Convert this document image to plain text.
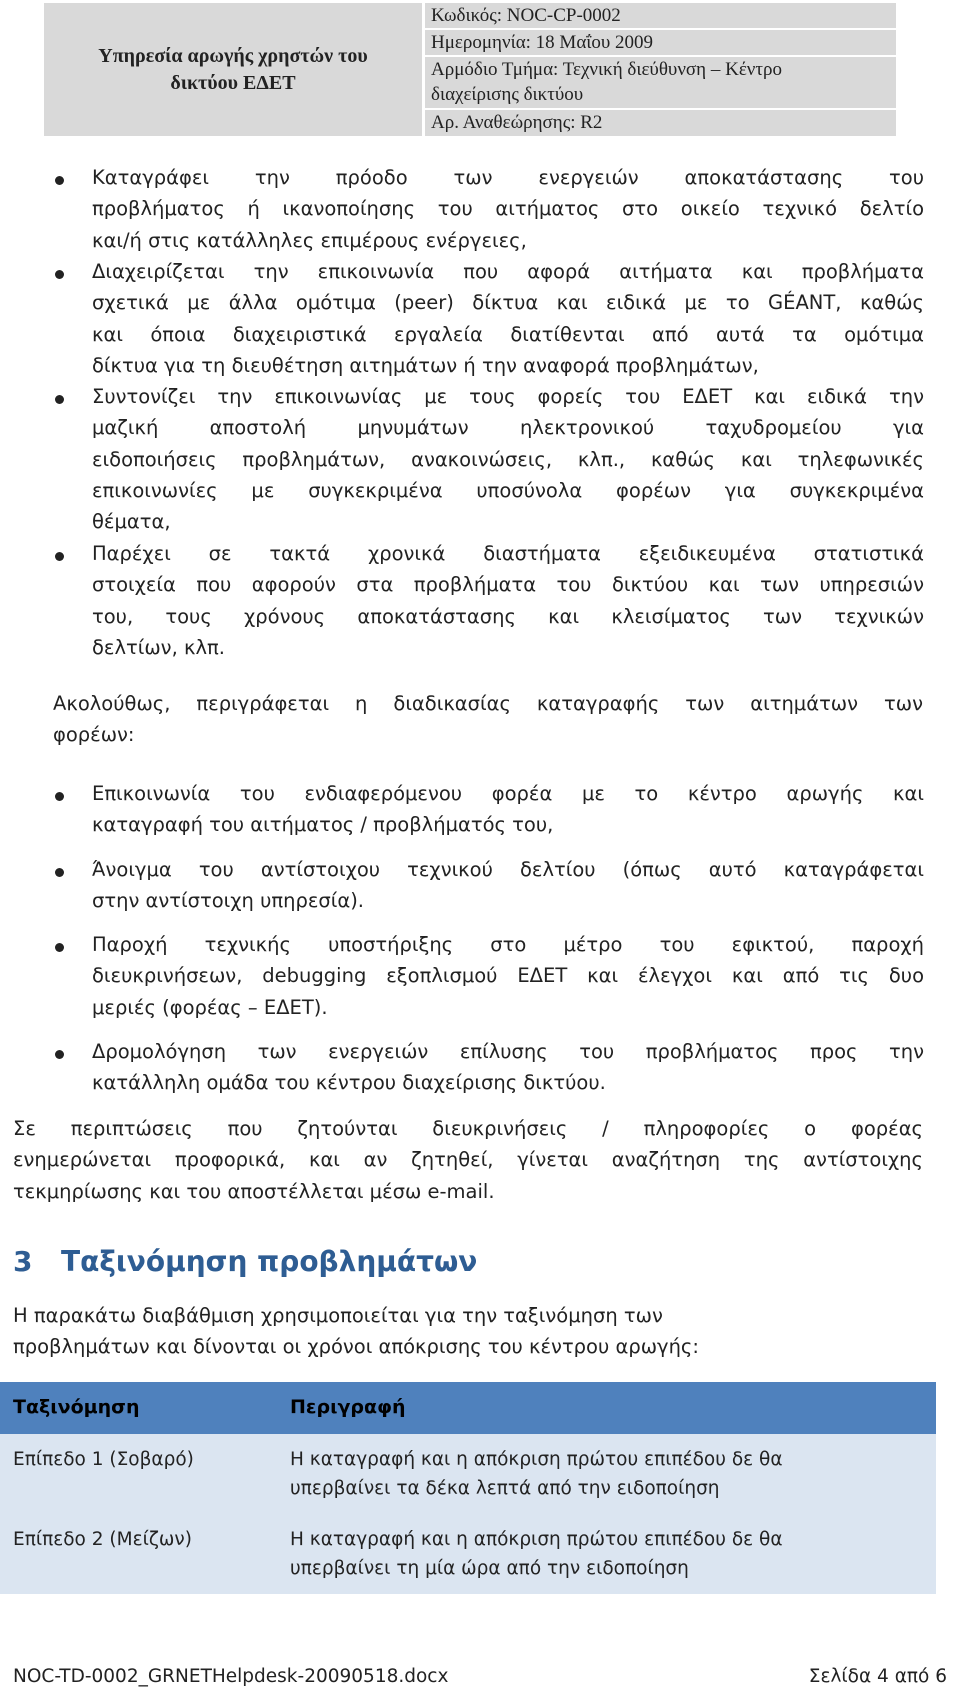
Υπηρεσία αρωγής χρηστών του
δικτύου ΕΔΕΤ
Κωδικός: NOC-CP-0002
Ημερομηνία: 18 Μαΐου 2009
Αρμόδιο Τμήμα: Τεχνική διεύθυνση – Κέντρο
διαχείρισης δικτύου
Αρ. Αναθεώρησης: R2
Καταγράφει την πρόοδο των ενεργειών αποκατάστασης του
προβλήματος ή ικανοποίησης του αιτήματος στο οικείο τεχνικό δελτίο
και/ή στις κατάλληλες επιμέρους ενέργειες,
Διαχειρίζεται την επικοινωνία που αφορά αιτήματα και προβλήματα
σχετικά με άλλα ομότιμα (peer) δίκτυα και ειδικά με το GÉANT, καθώς
και όποια διαχειριστικά εργαλεία διατίθενται από αυτά τα ομότιμα
δίκτυα για τη διευθέτηση αιτημάτων ή την αναφορά προβλημάτων,
Συντονίζει την επικοινωνίας με τους φορείς του ΕΔΕΤ και ειδικά την
μαζική αποστολή μηνυμάτων ηλεκτρονικού ταχυδρομείου για
ειδοποιήσεις προβλημάτων, ανακοινώσεις, κλπ., καθώς και τηλεφωνικές
επικοινωνίες με συγκεκριμένα υποσύνολα φορέων για συγκεκριμένα
θέματα,
Παρέχει σε τακτά χρονικά διαστήματα εξειδικευμένα στατιστικά
στοιχεία που αφορούν στα προβλήματα του δικτύου και των υπηρεσιών
του, τους χρόνους αποκατάστασης και κλεισίματος των τεχνικών
δελτίων, κλπ.
Ακολούθως, περιγράφεται η διαδικασίας καταγραφής των αιτημάτων των
φορέων:
Επικοινωνία του ενδιαφερόμενου φορέα με το κέντρο αρωγής και
καταγραφή του αιτήματος / προβλήματός του,
Άνοιγμα του αντίστοιχου τεχνικού δελτίου (όπως αυτό καταγράφεται
στην αντίστοιχη υπηρεσία).
Παροχή τεχνικής υποστήριξης στο μέτρο του εφικτού, παροχή
διευκρινήσεων, debugging εξοπλισμού ΕΔΕΤ και έλεγχοι και από τις δυο
μεριές (φορέας – ΕΔΕΤ).
Δρομολόγηση των ενεργειών επίλυσης του προβλήματος προς την
κατάλληλη ομάδα του κέντρου διαχείρισης δικτύου.
Σε περιπτώσεις που ζητούνται διευκρινήσεις / πληροφορίες ο φορέας
ενημερώνεται προφορικά, και αν ζητηθεί, γίνεται αναζήτηση της αντίστοιχης
τεκμηρίωσης και του αποστέλλεται μέσω e-mail.
3 Ταξινόμηση προβλημάτων
Η παρακάτω διαβάθμιση χρησιμοποιείται για την ταξινόμηση των
προβλημάτων και δίνονται οι χρόνοι απόκρισης του κέντρου αρωγής:
Ταξινόμηση	Περιγραφή
Επίπεδο 1 (Σοβαρό)	Η καταγραφή και η απόκριση πρώτου επιπέδου δε θα
υπερβαίνει τα δέκα λεπτά από την ειδοποίηση
Επίπεδο 2 (Μείζων)	Η καταγραφή και η απόκριση πρώτου επιπέδου δε θα
υπερβαίνει τη μία ώρα από την ειδοποίηση
NOC-TD-0002_GRNETHelpdesk-20090518.docx	Σελίδα 4 από 6
